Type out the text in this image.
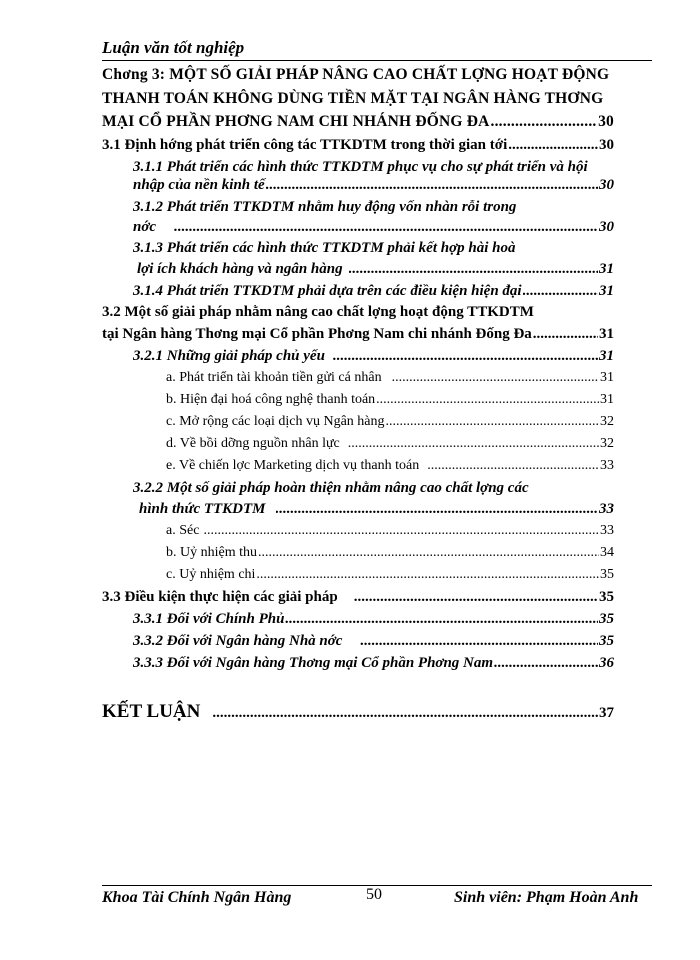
Luận văn tốt nghiệp
Chơng 3: MỘT SỐ GIẢI PHÁP NÂNG CAO CHẤT LỢNG HOẠT ĐỘNG
THANH TOÁN KHÔNG DÙNG TIỀN MẶT TẠI NGÂN HÀNG THƠNG
MẠI CỔ PHẦN PHƠNG NAM CHI NHÁNH ĐỐNG ĐA .....	30
3.1 Định hớng phát triển công tác TTKDTM trong thời gian tới .....	30
3.1.1 Phát triển các hình thức TTKDTM phục vụ cho sự phát triển và hội
nhập của nền kinh tế .....	30
3.1.2 Phát triển TTKDTM nhằm huy động vốn nhàn rỗi trong
nớc .....	30
3.1.3 Phát triển các hình thức TTKDTM phải kết hợp hài hoà
lợi ích khách hàng và ngân hàng .....	31
3.1.4 Phát triển TTKDTM phải dựa trên các điều kiện hiện đại .....	31
3.2 Một số giải pháp nhằm nâng cao chất lợng hoạt động TTKDTM
tại Ngân hàng Thơng mại Cổ phần Phơng Nam chi nhánh Đống Đa .....	31
3.2.1 Những giải pháp chủ yếu .....	31
a. Phát triển tài khoản tiền gửi cá nhân .....	31
b. Hiện đại hoá công nghệ thanh toán .....	31
c. Mở rộng các loại dịch vụ Ngân hàng .....	32
d. Về bồi dỡng nguồn nhân lực .....	32
e. Về chiến lợc Marketing dịch vụ thanh toán .....	33
3.2.2 Một số giải pháp hoàn thiện nhằm nâng cao chất lợng các
hình thức TTKDTM .....	33
a. Séc .....	33
b. Uỷ nhiệm thu .....	34
c. Uỷ nhiệm chi .....	35
3.3 Điều kiện thực hiện các giải pháp .....	35
3.3.1 Đối với Chính Phủ .....	35
3.3.2 Đối với Ngân hàng Nhà nớc .....	35
3.3.3 Đối với Ngân hàng Thơng mại Cổ phần Phơng Nam .....	36
KẾT LUẬN .....	37
Khoa Tài Chính Ngân Hàng	50	Sinh viên: Phạm Hoàn Anh
